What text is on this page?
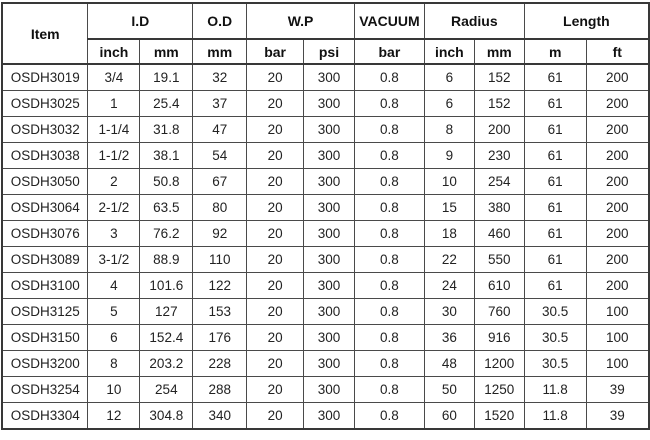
Item	I.D		O.D	W.P		VACUUM	Radius		Length	
	inch	mm	mm	bar	psi	bar	inch	mm	m	ft
OSDH3019	3/4	19.1	32	20	300	0.8	6	152	61	200
OSDH3025	1	25.4	37	20	300	0.8	6	152	61	200
OSDH3032	1-1/4	31.8	47	20	300	0.8	8	200	61	200
OSDH3038	1-1/2	38.1	54	20	300	0.8	9	230	61	200
OSDH3050	2	50.8	67	20	300	0.8	10	254	61	200
OSDH3064	2-1/2	63.5	80	20	300	0.8	15	380	61	200
OSDH3076	3	76.2	92	20	300	0.8	18	460	61	200
OSDH3089	3-1/2	88.9	110	20	300	0.8	22	550	61	200
OSDH3100	4	101.6	122	20	300	0.8	24	610	61	200
OSDH3125	5	127	153	20	300	0.8	30	760	30.5	100
OSDH3150	6	152.4	176	20	300	0.8	36	916	30.5	100
OSDH3200	8	203.2	228	20	300	0.8	48	1200	30.5	100
OSDH3254	10	254	288	20	300	0.8	50	1250	11.8	39
OSDH3304	12	304.8	340	20	300	0.8	60	1520	11.8	39
